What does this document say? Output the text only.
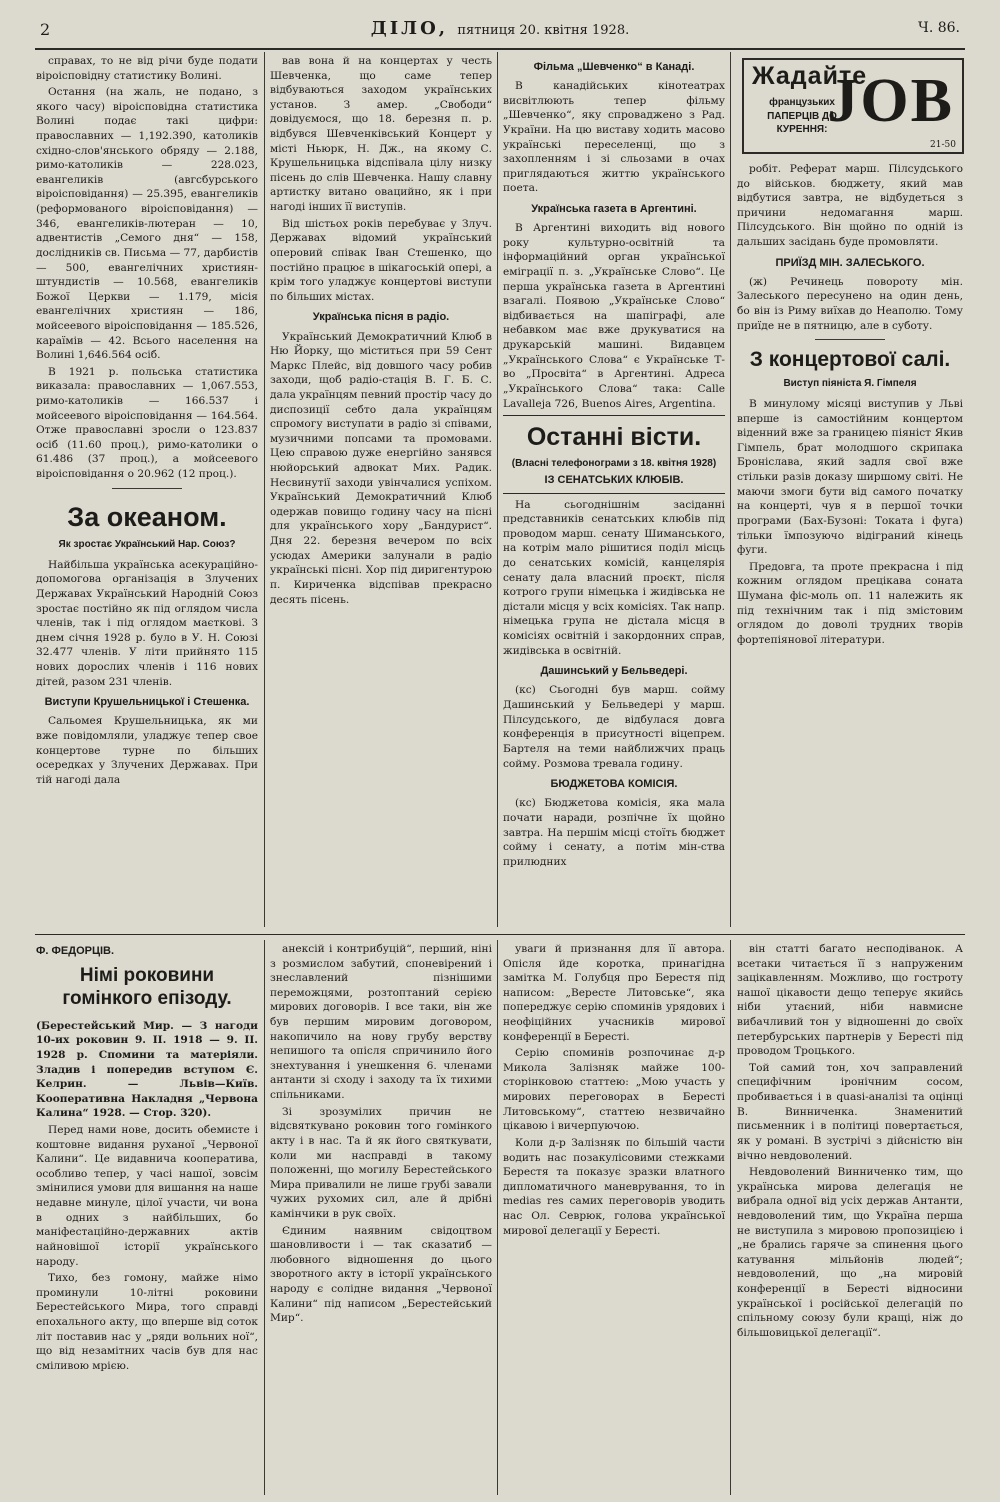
2	ДІЛО, пятниця 20. квітня 1928.	Ч. 86.

справах, то не від річи буде подати віроісповідну статистику Волині.

Остання (на жаль, не подано, з якого часу) віроісповідна статистика Волині подає такі цифри: православних — 1,192.390, католиків східно-слов'янського обряду — 2.188, римо-католиків — 228.023, евангеликів (авгсбурського віроісповідання) — 25.395, евангеликів (реформованого віроісповідання) — 346, евангеликів-лютеран — 10, адвентистів „Семого дня“ — 158, дослідників св. Письма — 77, дарбистів — 500, евангелічних християн-штундистів — 10.568, евангеликів Божої Церкви — 1.179, місія евангелічних християн — 186, мойсеевого віроісповідання — 185.526, караїмів — 42. Всього населення на Волині 1,646.564 осіб.

В 1921 р. польська статистика виказала: православних — 1,067.553, римо-католиків — 166.537 і мойсеевого віроісповідання — 164.564. Отже православні зросли о 123.837 осіб (11.60 проц.), римо-католики о 61.486 (37 проц.), а мойсеевого віроісповідання о 20.962 (12 проц.).

За океаном.
Як зростає Український Нар. Союз?

Найбільша українська асекураційно-допомогова організація в Злучених Державах Український Народній Союз зростає постійно як під оглядом числа членів, так і під оглядом маєткові. З днем січня 1928 р. було в У. Н. Союзі 32.477 членів. У літи прийнято 115 нових дорослих членів і 116 нових дітей, разом 231 членів.

Виступи Крушельницької і Стешенка.

Сальомея Крушельницька, як ми вже повідомляли, уладжує тепер свое концертове турне по більших осередках у Злучених Державах. При тій нагоді дала

вав вона й на концертах у честь Шевченка, що саме тепер відбуваються заходом українських установ. З амер. „Свободи“ довідуємося, що 18. березня п. р. відбувся Шевченківський Концерт у місті Ньюрк, Н. Дж., на якому С. Крушельницька відспівала цілу низку пісень до слів Шевченка. Нашу славну артистку витано овацийно, як і при нагоді інших її виступів.

Від шістьох років перебуває у Злуч. Державах відомий український оперовий співак Іван Стешенко, що постійно працює в шікагоській опері, а крім того уладжує концертові виступи по більших містах.

Українська пісня в радіо.

Український Демократичний Клюб в Ню Йорку, що міститься при 59 Сент Маркс Плейс, від довшого часу робив заходи, щоб радіо-стація В. Г. Б. С. дала українцям певний простір часу до диспозиції себто дала українцям спромогу виступати в радіо зі співами, музичними попсами та промовами. Цею справою дуже енергійно занявся нюйорський адвокат Мих. Радик. Несвинутії заходи увінчалися успіхом. Український Демократичний Клюб одержав повищо годину часу на пісні для українського хору „Бандурист“. Дня 22. березня вечером по всіх усюдах Америки залунали в радіо українські пісні. Хор під диригентурою п. Кириченка відспівав прекрасно десять пісень.

Фільма „Шевченко“ в Канаді.

В канадійських кінотеатрах висвітлюють тепер фільму „Шевченко“, яку спроваджено з Рад. України. На цю виставу ходить масово українські переселенці, що з захопленням і зі сльозами в очах приглядаються життю українського поета.

Українська газета в Аргентині.

В Аргентині виходить від нового року культурно-освітній та інформаційний орган української еміграції п. з. „Українське Слово“. Це перша українська газета в Аргентині взагалі. Появою „Українське Слово“ відбивається на шапіграфі, але небавком має вже друкуватися на друкарській машині. Видавцем „Українського Слова“ є Українське Т-во „Просвіта“ в Аргентині. Адреса „Українського Слова“ така: Calle Lavalleja 726, Buenos Aires, Argentina.

Останні вісти.
(Власні телефонограми з 18. квітня 1928)
ІЗ СЕНАТСЬКИХ КЛЮБІВ.

На сьогоднішнім засіданні представників сенатських клюбів під проводом марш. сенату Шиманського, на котрім мало рішитися поділ місць до сенатських комісій, канцелярія сенату дала власний проєкт, після котрого групи німецька і жидівська не дістали місця у всіх комісіях. Так напр. німецька група не дістала місця в комісіях освітній і закордонних справ, жидівська в освітній.

Дашинський у Бельведері.

(кс) Сьогодні був марш. сойму Дашинський у Бельведері у марш. Пілсудського, де відбулася довга конференція в присутності віцепрем. Бартеля на теми найближчих праць сойму. Розмова тревала годину.

БЮДЖЕТОВА КОМІСІЯ.

(кс) Бюджетова комісія, яка мала почати наради, розпічне їх щойно завтра. На першім місці стоїть бюджет сойму і сенату, а потім мін-ства прилюдних

Жадайте
французьких ПАПЕРЦІВ ДО КУРЕННЯ: JOB
21-50

робіт. Реферат марш. Пілсудського до військов. бюджету, який мав відбутися завтра, не відбудеться з причини недомагання марш. Пілсудського. Він щойно по одній із дальших засідань буде промовляти.

ПРИЇЗД МІН. ЗАЛЕСЬКОГО.

(ж) Речинець повороту мін. Залеського пересунено на один день, бо він із Риму виїхав до Неаполю. Тому приїде не в пятницю, але в суботу.

З концертової салі.
Виступ піяніста Я. Гімпеля

В минулому місяці виступив у Льві вперше із самостійним концертом віденний вже за границею піяніст Якив Гімпель, брат молодшого скрипака Броніслава, який задля свої вже стільки разів доказу ширшому світі. Не маючи змоги бути від самого початку на концерті, чув я в першої точки програми (Бах-Бузоні: Токата і фуга) тільки їмпозуючо відіграний кінець фуги.

Предовга, та проте прекрасна і під кожним оглядом прецікава соната Шумана фіс-моль оп. 11 належить як під технічним так і під змістовим оглядом до доволі трудних творів фортепіянової літератури.

Ф. ФЕДОРЦІВ.
Німі роковини гомінкого епізоду.

(Берестейський Мир. — З нагоди 10-их роковин 9. II. 1918 — 9. II. 1928 р. Спомини та матеріяли. Зладив і попередив вступом Є. Келрин. — Львів—Київ. Кооперативна Накладня „Червона Калина“ 1928. — Стор. 320).

Перед нами нове, досить обемисте і коштовне видання руханої „Червоної Калини“. Це видавнича кооператива, особливо тепер, у часі нашої, зовсім змінилися умови для вишання на наше недавне минуле, цілої участи, чи вона в одних з найбільших, бо маніфестаційно-державних актів найновішої історії українського народу.

Тихо, без гомону, майже німо проминули 10-літні роковини Берестейського Мира, того справді епохального акту, що вперше від соток літ поставив нас у „ряди вольних ної“, що від незамітних часів був для нас сміливою мрією.

анексій і контрибуцій“, перший, ніні з розмислом забутий, споневірений і знеславлений пізнішими переможцями, розтоптаний серією мирових договорів. І все таки, він же був першим мировим договором, накопичило на нову грубу верству непишого та опісля спричинило його знехтування і унешкення 6. членами антанти зі сходу і заходу та їх тихими спільниками.

Зі зрозумілих причин не відсвяткувано роковин того гомінкого акту і в нас. Та й як його святкувати, коли ми насправді в такому положенні, що могилу Берестейського Мира привалили не лише грубі завали чужих рухомих сил, але й дрібні камінчики в рук своїх.

Єдиним наявним свідоцтвом шановливости і — так сказатиб — любовного відношення до цього зворотного акту в історії українського народу є солідне видання „Червоної Калини“ під написом „Берестейський Мир“.

уваги й признання для її автора. Опісля йде коротка, принагідна замітка М. Голубця про Берестя під написом: „Вересте Литовське“, яка попереджує серію споминів урядових і неофіційних учасників мирової конференції в Бересті.

Серію споминів розпочинає д-р Микола Залізняк майже 100-сторінковою статтею: „Мою участь у мирових переговорах в Бересті Литовському“, статтею незвичайно цікавою і вичерпуючою.

Коли д-р Залізняк по більшій части водить нас позакулісовими стежками Берестя та показує зразки влатного дипломатичного маневрування, то in medias res самих переговорів уводить нас Ол. Севрюк, голова української мирової делегації у Бересті.

він статті багато несподіванок. А всетаки читається її з напруженим зацікавленням. Можливо, що гостроту нашої цікавости дещо теперує якийсь ніби утаєний, ніби навмисне вибачливий тон у відношенні до своїх петербурських партнерів у Бересті під проводом Троцького.

Той самий тон, хоч заправлений специфічним іронічним сосом, пробивається і в quasi-аналізі та оцінці В. Винниченка. Знаменитий письменник і в політиці повертається, як у романі. В зустрічі з дійсністю він вічно невдоволений.

Невдоволений Винниченко тим, що українська мирова делегація не вибрала одної від усіх держав Антанти, невдоволений тим, що Україна перша не виступила з мировою пропозицією і „не брались гаряче за спинення цього катування мільйонів людей“; невдоволений, що „на мировій конференції в Бересті відносини української і російської делегацій по спільному союзу були кращі, ніж до більшовицької делегації“.
